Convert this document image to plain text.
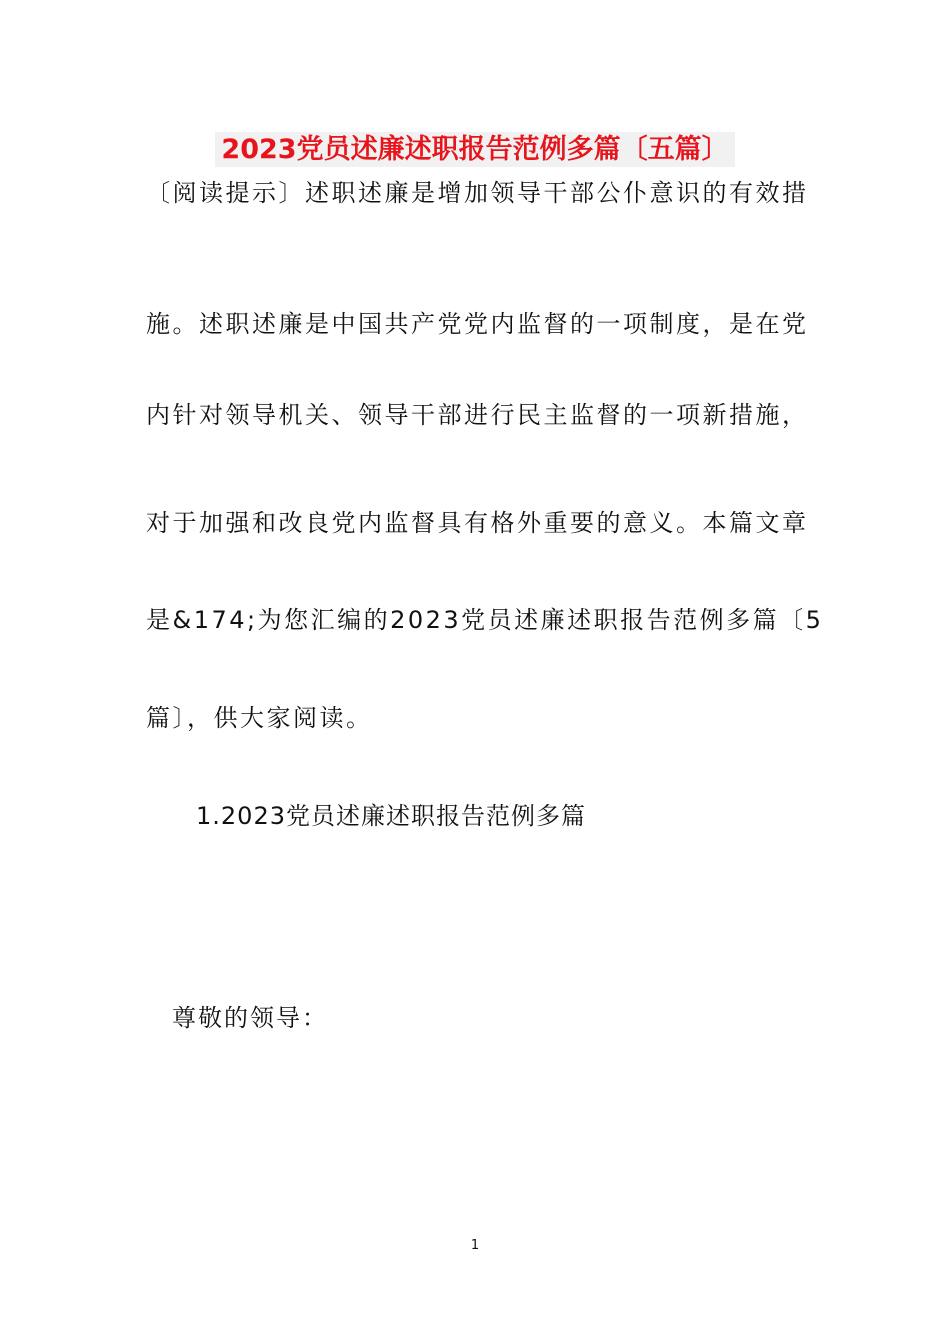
2023党员述廉述职报告范例多篇〔五篇〕
〔阅读提示〕述职述廉是增加领导干部公仆意识的有效措
施。述职述廉是中国共产党党内监督的一项制度，是在党
内针对领导机关、领导干部进行民主监督的一项新措施，
对于加强和改良党内监督具有格外重要的意义。本篇文章
是&174;为您汇编的2023党员述廉述职报告范例多篇〔5
篇〕，供大家阅读。
1.2023党员述廉述职报告范例多篇
尊敬的领导：
1
